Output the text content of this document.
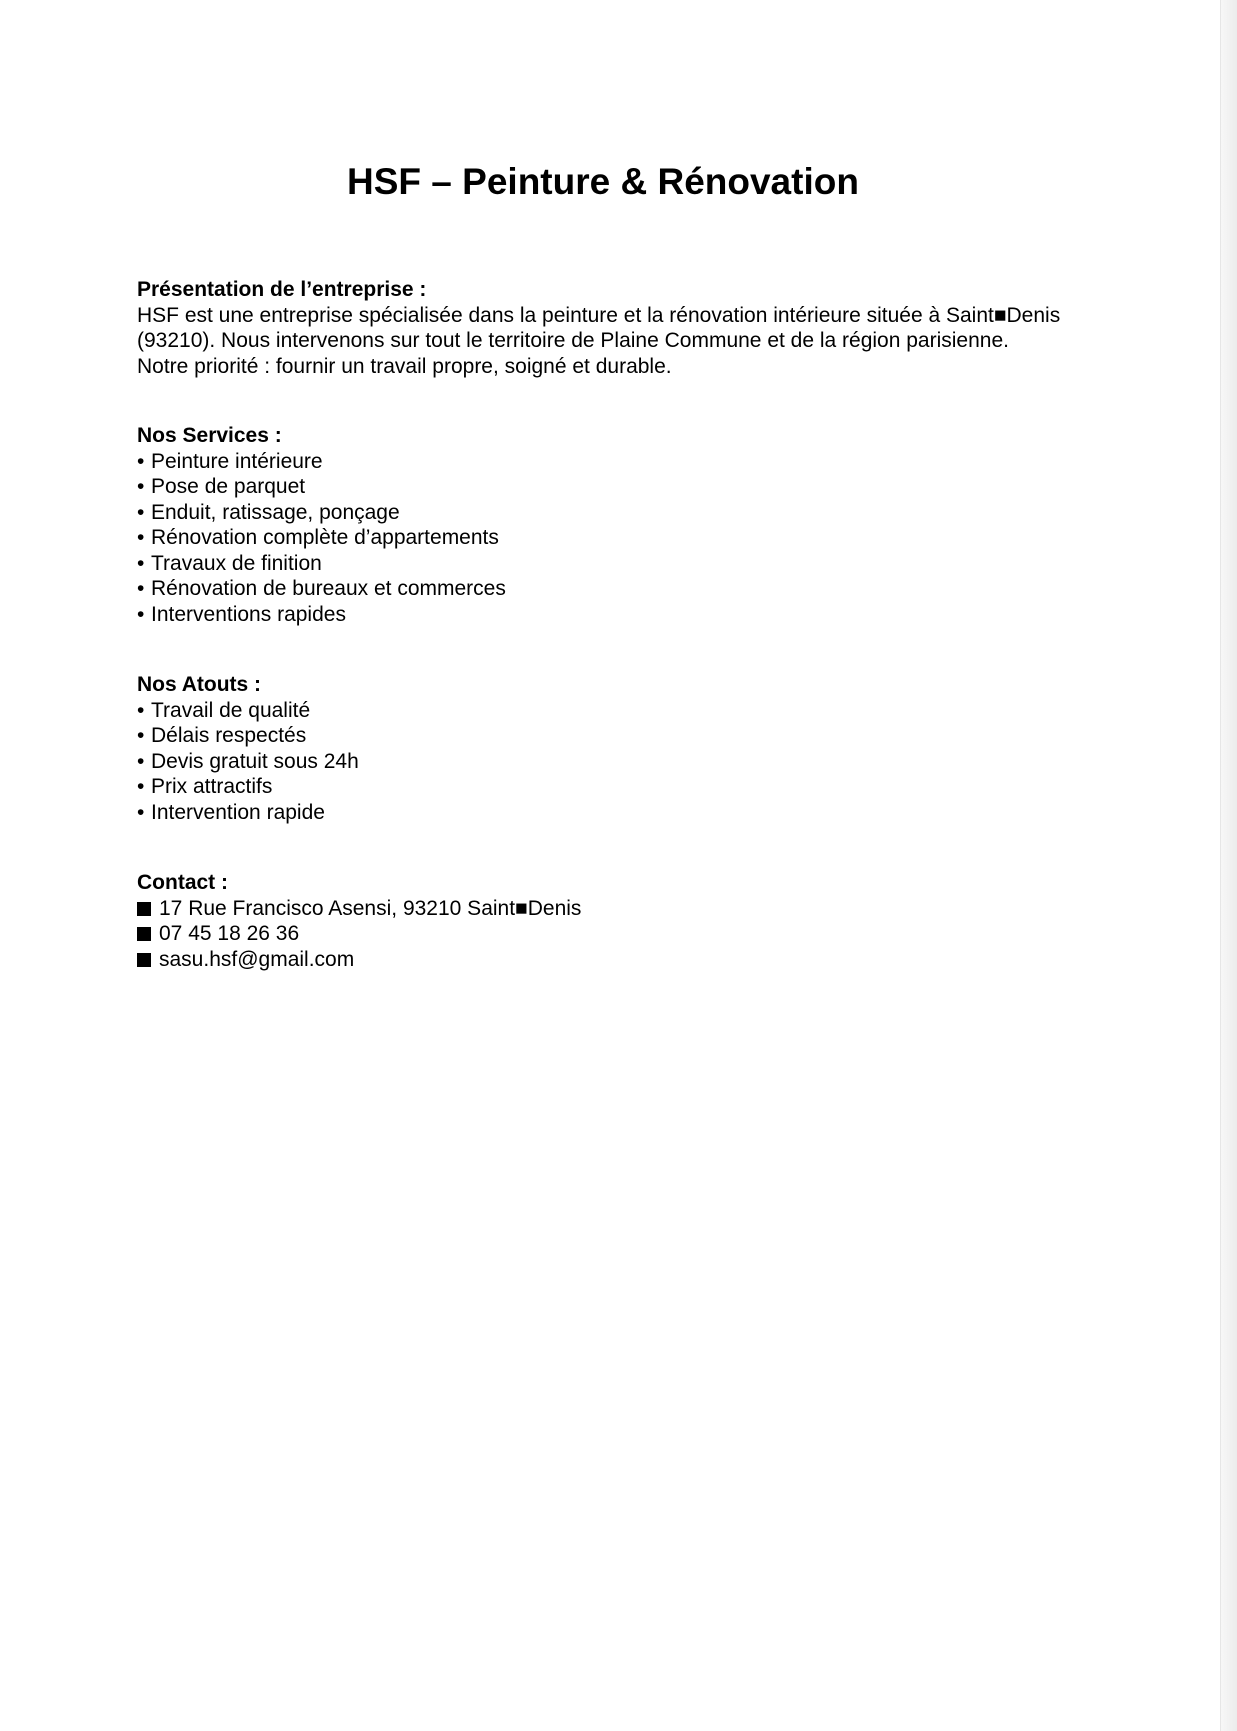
HSF – Peinture & Rénovation
Présentation de l’entreprise :

HSF est une entreprise spécialisée dans la peinture et la rénovation intérieure située à Saint■Denis
(93210). Nous intervenons sur tout le territoire de Plaine Commune et de la région parisienne.
Notre priorité : fournir un travail propre, soigné et durable.

Nos Services :
• Peinture intérieure
• Pose de parquet
• Enduit, ratissage, ponçage
• Rénovation complète d’appartements
• Travaux de finition
• Rénovation de bureaux et commerces
• Interventions rapides
Nos Atouts :
• Travail de qualité
• Délais respectés
• Devis gratuit sous 24h
• Prix attractifs
• Intervention rapide
Contact :
17 Rue Francisco Asensi, 93210 Saint■Denis
07 45 18 26 36
sasu.hsf@gmail.com
